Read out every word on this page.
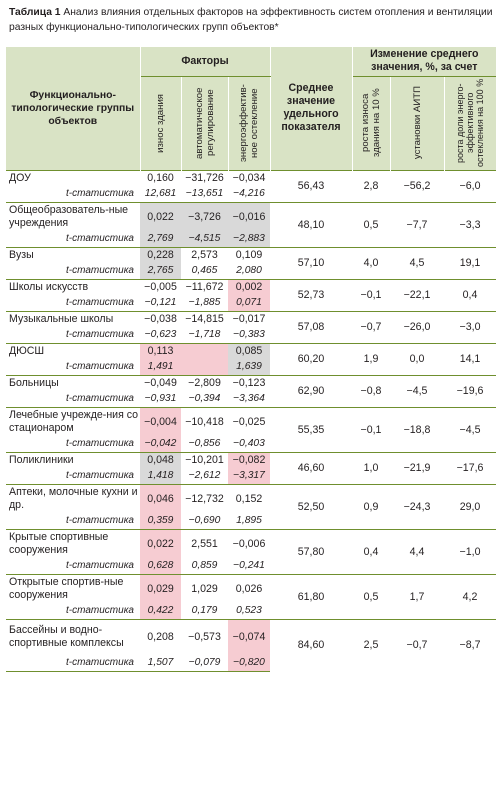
Таблица 1 Анализ влияния отдельных факторов на эффективность систем отопления и вентиляции разных функционально-типологических групп объектов*
Функционально-типологические группы объектов	Факторы			Среднее значение удельного показателя	Изменение среднего значения, %, за счет		

	износ здания	автоматическое регулирование	энергоэффектив-ное остекление		роста износа здания на 10 %	установки АИТП	роста доли энерго-эффективного остекления на 100 %

ДОУ	0,160	−31,726	−0,034	56,43	2,8	−56,2	−6,0
t-статистика	12,681	−13,651	−4,216				
Общеобразователь-ные учреждения	0,022	−3,726	−0,016	48,10	0,5	−7,7	−3,3
t-статистика	2,769	−4,515	−2,883				
Вузы	0,228	2,573	0,109	57,10	4,0	4,5	19,1
t-статистика	2,765	0,465	2,080				
Школы искусств	−0,005	−11,672	0,002	52,73	−0,1	−22,1	0,4
t-статистика	−0,121	−1,885	0,071				
Музыкальные школы	−0,038	−14,815	−0,017	57,08	−0,7	−26,0	−3,0
t-статистика	−0,623	−1,718	−0,383				
ДЮСШ	0,113		0,085	60,20	1,9	0,0	14,1
t-статистика	1,491		1,639				
Больницы	−0,049	−2,809	−0,123	62,90	−0,8	−4,5	−19,6
t-статистика	−0,931	−0,394	−3,364				
Лечебные учрежде-ния со стационаром	−0,004	−10,418	−0,025	55,35	−0,1	−18,8	−4,5
t-статистика	−0,042	−0,856	−0,403				
Поликлиники	0,048	−10,201	−0,082	46,60	1,0	−21,9	−17,6
t-статистика	1,418	−2,612	−3,317				
Аптеки, молочные кухни и др.	0,046	−12,732	0,152	52,50	0,9	−24,3	29,0
t-статистика	0,359	−0,690	1,895				
Крытые спортивные сооружения	0,022	2,551	−0,006	57,80	0,4	4,4	−1,0
t-статистика	0,628	0,859	−0,241				
Открытые спортив-ные сооружения	0,029	1,029	0,026	61,80	0,5	1,7	4,2
t-статистика	0,422	0,179	0,523				
Бассейны и водно-спортивные комплексы	0,208	−0,573	−0,074	84,60	2,5	−0,7	−8,7
t-статистика	1,507	−0,079	−0,820				
